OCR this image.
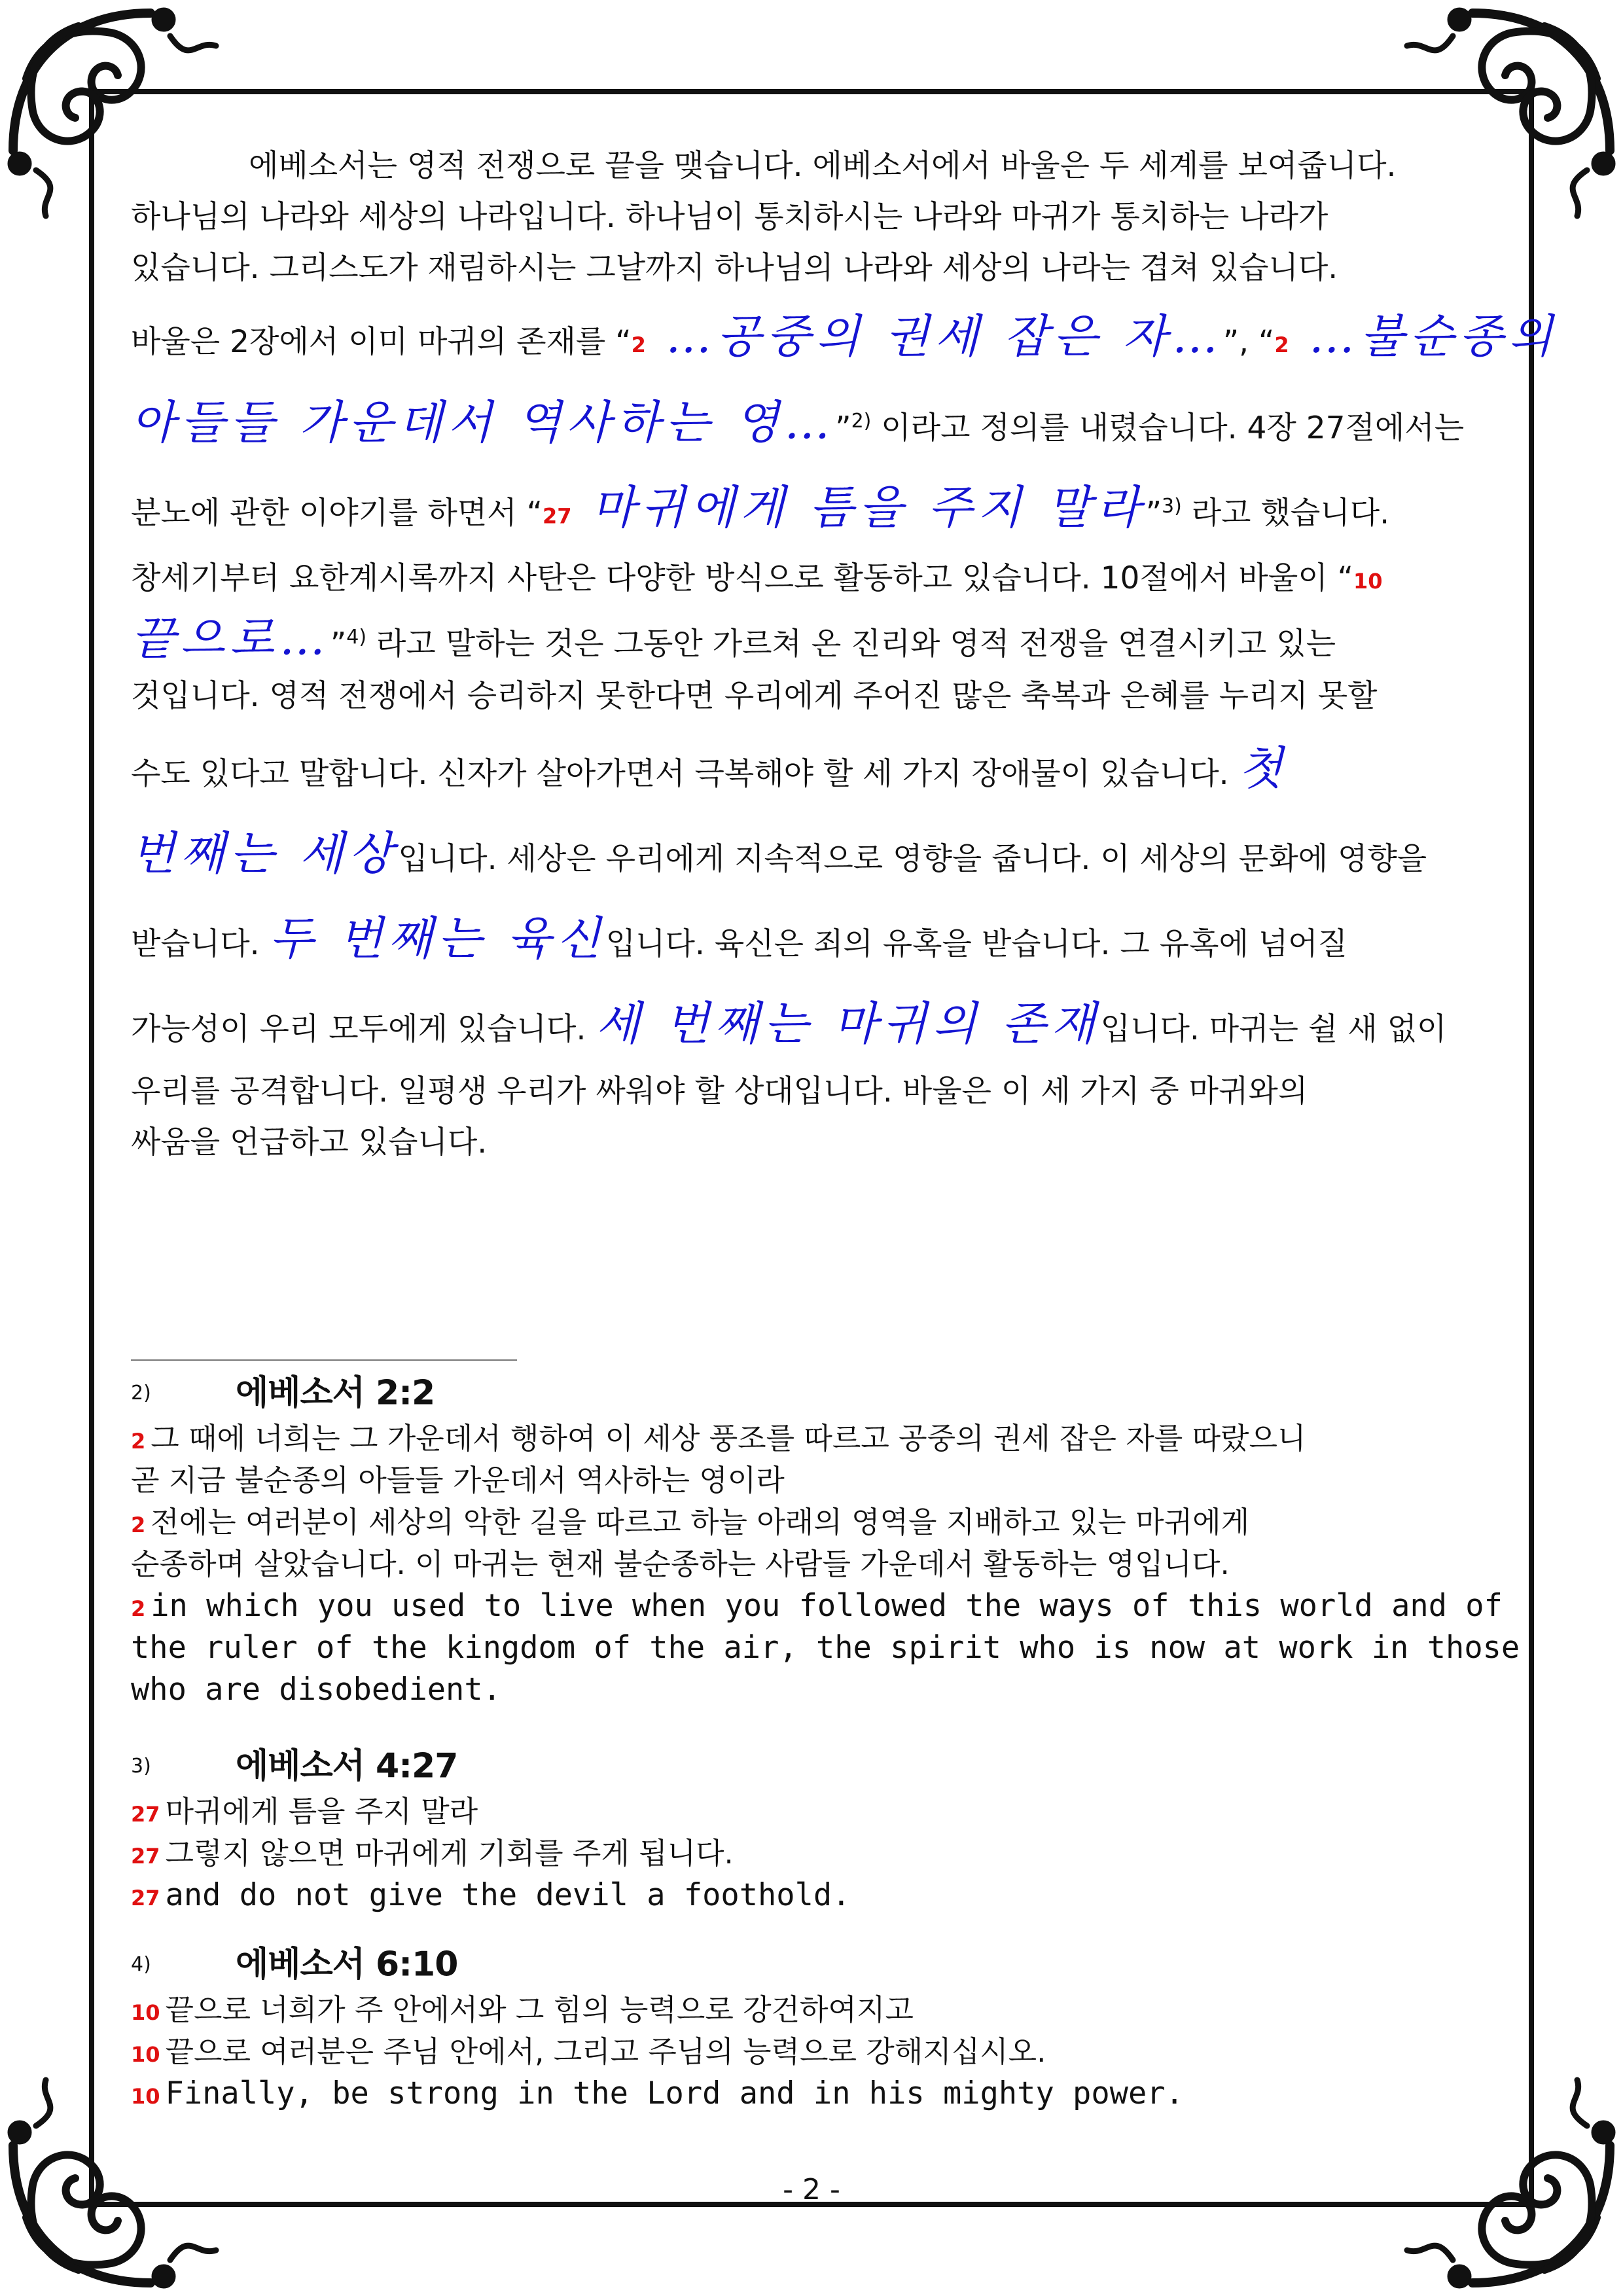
에베소서는 영적 전쟁으로 끝을 맺습니다. 에베소서에서 바울은 두 세계를 보여줍니다.
하나님의 나라와 세상의 나라입니다. 하나님이 통치하시는 나라와 마귀가 통치하는 나라가
있습니다. 그리스도가 재림하시는 그날까지 하나님의 나라와 세상의 나라는 겹쳐 있습니다.
바울은 2장에서 이미 마귀의 존재를 “2 …공중의 권세 잡은 자…”, “2 …불순종의
아들들 가운데서 역사하는 영…”$^{2)}$ 이라고 정의를 내렸습니다. 4장 27절에서는
분노에 관한 이야기를 하면서 “27 마귀에게 틈을 주지 말라”$^{3)}$ 라고 했습니다.
창세기부터 요한계시록까지 사탄은 다양한 방식으로 활동하고 있습니다. 10절에서 바울이 “10
끝으로…”$^{4)}$ 라고 말하는 것은 그동안 가르쳐 온 진리와 영적 전쟁을 연결시키고 있는
것입니다. 영적 전쟁에서 승리하지 못한다면 우리에게 주어진 많은 축복과 은혜를 누리지 못할
수도 있다고 말합니다. 신자가 살아가면서 극복해야 할 세 가지 장애물이 있습니다. 첫
번째는 세상입니다. 세상은 우리에게 지속적으로 영향을 줍니다. 이 세상의 문화에 영향을
받습니다. 두 번째는 육신입니다. 육신은 죄의 유혹을 받습니다. 그 유혹에 넘어질
가능성이 우리 모두에게 있습니다. 세 번째는 마귀의 존재입니다. 마귀는 쉴 새 없이
우리를 공격합니다. 일평생 우리가 싸워야 할 상대입니다. 바울은 이 세 가지 중 마귀와의
싸움을 언급하고 있습니다.
2) 에베소서 2:2
2 그 때에 너희는 그 가운데서 행하여 이 세상 풍조를 따르고 공중의 권세 잡은 자를 따랐으니
곧 지금 불순종의 아들들 가운데서 역사하는 영이라
2 전에는 여러분이 세상의 악한 길을 따르고 하늘 아래의 영역을 지배하고 있는 마귀에게
순종하며 살았습니다. 이 마귀는 현재 불순종하는 사람들 가운데서 활동하는 영입니다.
2 in which you used to live when you followed the ways of this world and of
the ruler of the kingdom of the air, the spirit who is now at work in those
who are disobedient.
3) 에베소서 4:27
27 마귀에게 틈을 주지 말라
27 그렇지 않으면 마귀에게 기회를 주게 됩니다.
27 and do not give the devil a foothold.
4) 에베소서 6:10
10 끝으로 너희가 주 안에서와 그 힘의 능력으로 강건하여지고
10 끝으로 여러분은 주님 안에서, 그리고 주님의 능력으로 강해지십시오.
10 Finally, be strong in the Lord and in his mighty power.
- 2 -
